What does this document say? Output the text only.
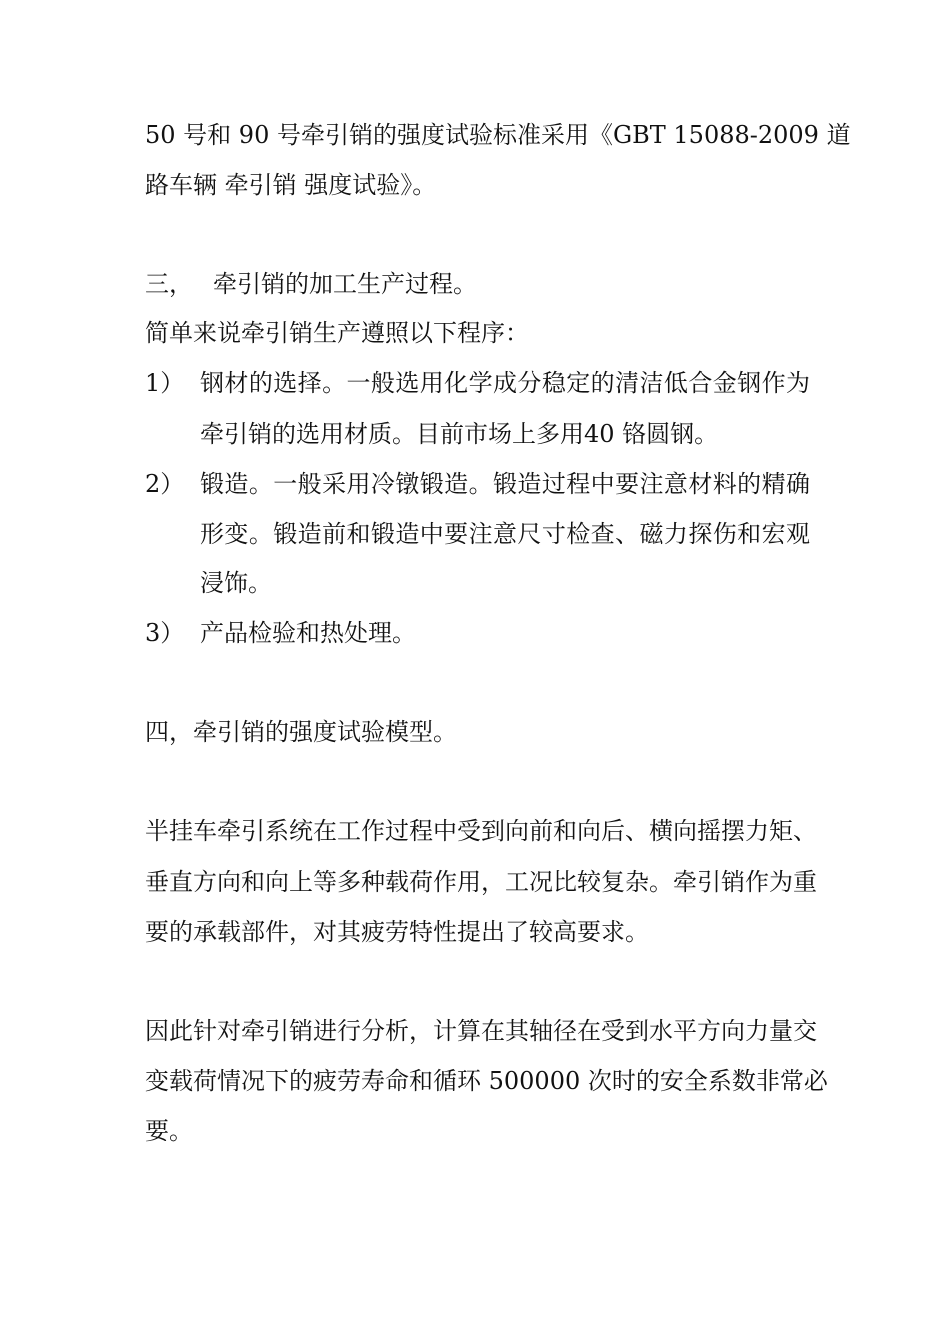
50 号和 90 号牵引销的强度试验标准采用《GBT 15088-2009 道
路车辆 牵引销 强度试验》。
三， 牵引销的加工生产过程。
简单来说牵引销生产遵照以下程序：
1） 钢材的选择。一般选用化学成分稳定的清洁低合金钢作为
牵引销的选用材质。目前市场上多用40 铬圆钢。
2） 锻造。一般采用冷镦锻造。锻造过程中要注意材料的精确
形变。锻造前和锻造中要注意尺寸检查、磁力探伤和宏观
浸饰。
3） 产品检验和热处理。
四，牵引销的强度试验模型。
半挂车牵引系统在工作过程中受到向前和向后、横向摇摆力矩、
垂直方向和向上等多种载荷作用，工况比较复杂。牵引销作为重
要的承载部件，对其疲劳特性提出了较高要求。
因此针对牵引销进行分析，计算在其轴径在受到水平方向力量交
变载荷情况下的疲劳寿命和循环 500000 次时的安全系数非常必
要。
